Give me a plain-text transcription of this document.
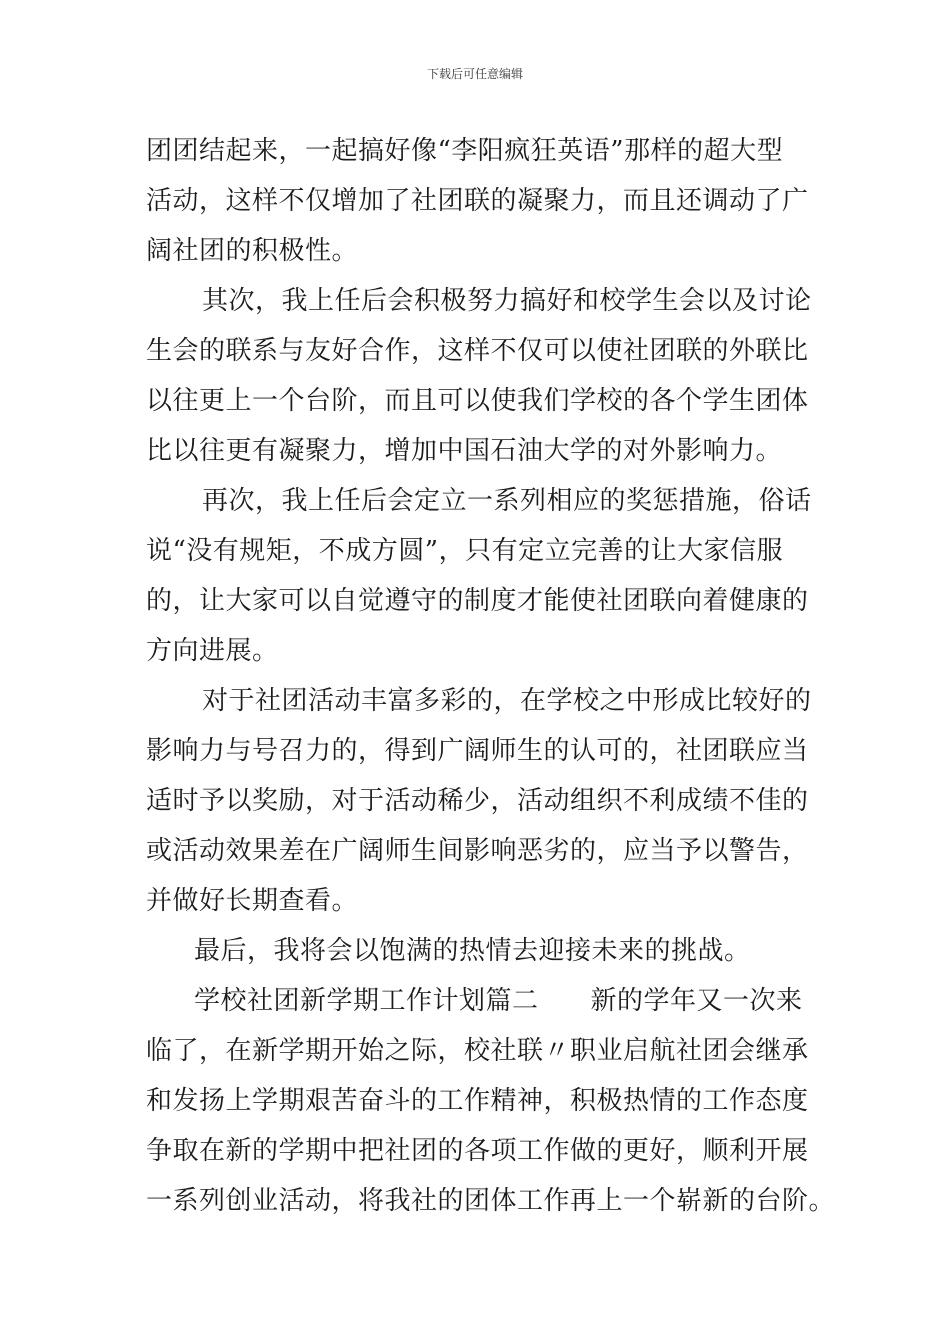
下载后可任意编辑
团团结起来，一起搞好像“李阳疯狂英语”那样的超大型
活动，这样不仅增加了社团联的凝聚力，而且还调动了广
阔社团的积极性。
其次，我上任后会积极努力搞好和校学生会以及讨论
生会的联系与友好合作，这样不仅可以使社团联的外联比
以往更上一个台阶，而且可以使我们学校的各个学生团体
比以往更有凝聚力，增加中国石油大学的对外影响力。
再次，我上任后会定立一系列相应的奖惩措施，俗话
说“没有规矩，不成方圆”，只有定立完善的让大家信服
的，让大家可以自觉遵守的制度才能使社团联向着健康的
方向进展。
对于社团活动丰富多彩的，在学校之中形成比较好的
影响力与号召力的，得到广阔师生的认可的，社团联应当
适时予以奖励，对于活动稀少，活动组织不利成绩不佳的
或活动效果差在广阔师生间影响恶劣的，应当予以警告，
并做好长期查看。
最后，我将会以饱满的热情去迎接未来的挑战。
学校社团新学期工作计划篇二 新的学年又一次来
临了，在新学期开始之际，校社联〃职业启航社团会继承
和发扬上学期艰苦奋斗的工作精神，积极热情的工作态度
争取在新的学期中把社团的各项工作做的更好，顺利开展
一系列创业活动，将我社的团体工作再上一个崭新的台阶。
